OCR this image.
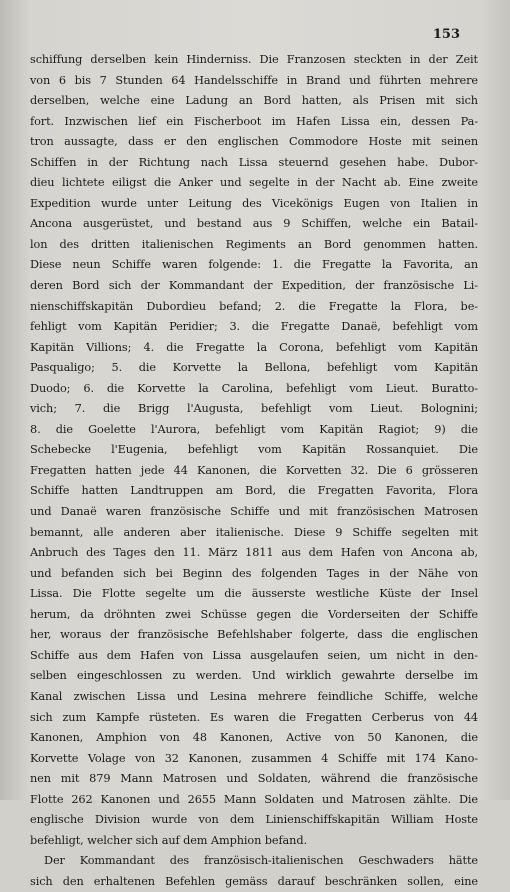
153
schiffung derselben kein Hinderniss. Die Franzosen steckten in der Zeit
von 6 bis 7 Stunden 64 Handelsschiffe in Brand und führten mehrere
derselben, welche eine Ladung an Bord hatten, als Prisen mit sich
fort. Inzwischen lief ein Fischerboot im Hafen Lissa ein, dessen Pa-
tron aussagte, dass er den englischen Commodore Hoste mit seinen
Schiffen in der Richtung nach Lissa steuernd gesehen habe. Dubor-
dieu lichtete eiligst die Anker und segelte in der Nacht ab. Eine zweite
Expedition wurde unter Leitung des Vicekönigs Eugen von Italien in
Ancona ausgerüstet, und bestand aus 9 Schiffen, welche ein Batail-
lon des dritten italienischen Regiments an Bord genommen hatten.
Diese neun Schiffe waren folgende: 1. die Fregatte la Favorita, an
deren Bord sich der Kommandant der Expedition, der französische Li-
nienschiffskapitän Dubordieu befand; 2. die Fregatte la Flora, be-
fehligt vom Kapitän Peridier; 3. die Fregatte Danaë, befehligt vom
Kapitän Villions; 4. die Fregatte la Corona, befehligt vom Kapitän
Pasqualigo; 5. die Korvette la Bellona, befehligt vom Kapitän
Duodo; 6. die Korvette la Carolina, befehligt vom Lieut. Buratto-
vich; 7. die Brigg l'Augusta, befehligt vom Lieut. Bolognini;
8. die Goelette l'Aurora, befehligt vom Kapitän Ragiot; 9) die
Schebecke l'Eugenia, befehligt vom Kapitän Rossanquiet. Die
Fregatten hatten jede 44 Kanonen, die Korvetten 32. Die 6 grösseren
Schiffe hatten Landtruppen am Bord, die Fregatten Favorita, Flora
und Danaë waren französische Schiffe und mit französischen Matrosen
bemannt, alle anderen aber italienische. Diese 9 Schiffe segelten mit
Anbruch des Tages den 11. März 1811 aus dem Hafen von Ancona ab,
und befanden sich bei Beginn des folgenden Tages in der Nähe von
Lissa. Die Flotte segelte um die äusserste westliche Küste der Insel
herum, da dröhnten zwei Schüsse gegen die Vorderseiten der Schiffe
her, woraus der französische Befehlshaber folgerte, dass die englischen
Schiffe aus dem Hafen von Lissa ausgelaufen seien, um nicht in den-
selben eingeschlossen zu werden. Und wirklich gewahrte derselbe im
Kanal zwischen Lissa und Lesina mehrere feindliche Schiffe, welche
sich zum Kampfe rüsteten. Es waren die Fregatten Cerberus von 44
Kanonen, Amphion von 48 Kanonen, Active von 50 Kanonen, die
Korvette Volage von 32 Kanonen, zusammen 4 Schiffe mit 174 Kano-
nen mit 879 Mann Matrosen und Soldaten, während die französische
Flotte 262 Kanonen und 2655 Mann Soldaten und Matrosen zählte. Die
englische Division wurde von dem Linienschiffskapitän William Hoste
befehligt, welcher sich auf dem Amphion befand.
Der Kommandant des französisch-italienischen Geschwaders hätte
sich den erhaltenen Befehlen gemäss darauf beschränken sollen, eine
